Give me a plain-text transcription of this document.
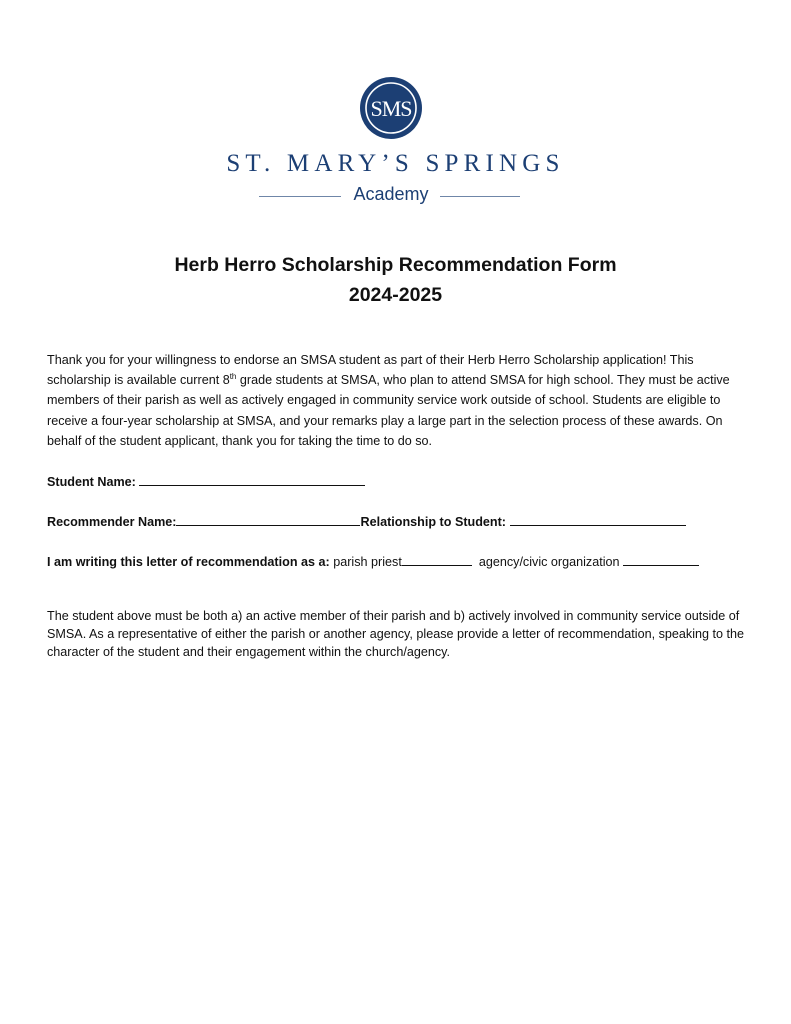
SMS
ST. MARY’S SPRINGS
Academy
Herb Herro Scholarship Recommendation Form
2024-2025

Thank you for your willingness to endorse an SMSA student as part of their Herb Herro Scholarship application! This scholarship is available current 8th grade students at SMSA, who plan to attend SMSA for high school. They must be active members of their parish as well as actively engaged in community service work outside of school. Students are eligible to receive a four-year scholarship at SMSA, and your remarks play a large part in the selection process of these awards. On behalf of the student applicant, thank you for taking the time to do so.

Student Name:
Recommender Name:	Relationship to Student:
I am writing this letter of recommendation as a: parish priest	agency/civic organization

The student above must be both a) an active member of their parish and b) actively involved in community service outside of SMSA. As a representative of either the parish or another agency, please provide a letter of recommendation, speaking to the character of the student and their engagement within the church/agency.
